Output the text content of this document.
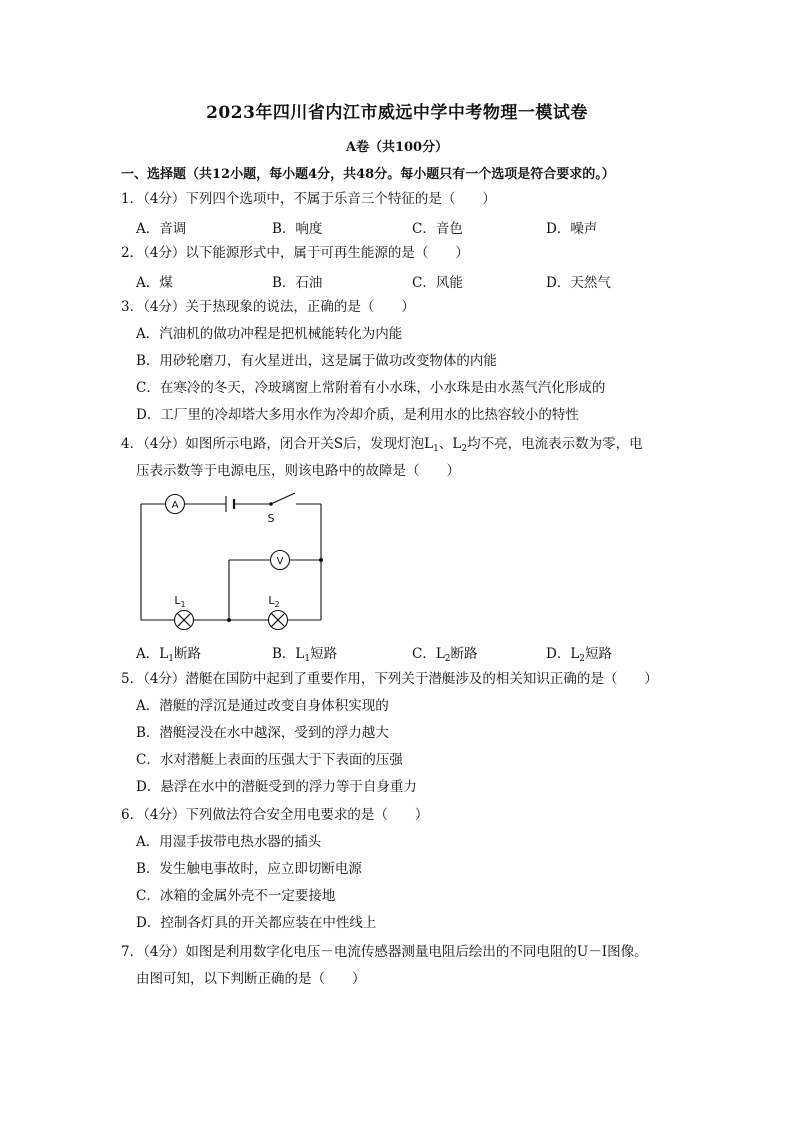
2023年四川省内江市威远中学中考物理一模试卷
A卷（共100分）
一、选择题（共12小题，每小题4分，共48分。每小题只有一个选项是符合要求的。）
1．（4分）下列四个选项中，不属于乐音三个特征的是（　　）
A．音调	B．响度	C．音色	D．噪声
2．（4分）以下能源形式中，属于可再生能源的是（　　）
A．煤	B．石油	C．风能	D．天然气
3．（4分）关于热现象的说法，正确的是（　　）
A．汽油机的做功冲程是把机械能转化为内能
B．用砂轮磨刀，有火星迸出，这是属于做功改变物体的内能
C．在寒冷的冬天，冷玻璃窗上常附着有小水珠，小水珠是由水蒸气汽化形成的
D．工厂里的冷却塔大多用水作为冷却介质，是利用水的比热容较小的特性
4．（4分）如图所示电路，闭合开关S后，发现灯泡$L_1$、$L_2$均不亮，电流表示数为零，电
压表示数等于电源电压，则该电路中的故障是（　　）
A
V
S
$L_1$	$L_2$
A．$L_1$断路	B．$L_1$短路	C．$L_2$断路	D．$L_2$短路
5．（4分）潜艇在国防中起到了重要作用，下列关于潜艇涉及的相关知识正确的是（　　）
A．潜艇的浮沉是通过改变自身体积实现的
B．潜艇浸没在水中越深，受到的浮力越大
C．水对潜艇上表面的压强大于下表面的压强
D．悬浮在水中的潜艇受到的浮力等于自身重力
6．（4分）下列做法符合安全用电要求的是（　　）
A．用湿手拔带电热水器的插头
B．发生触电事故时，应立即切断电源
C．冰箱的金属外壳不一定要接地
D．控制各灯具的开关都应装在中性线上
7．（4分）如图是利用数字化电压－电流传感器测量电阻后绘出的不同电阻的U－I图像。
由图可知，以下判断正确的是（　　）
